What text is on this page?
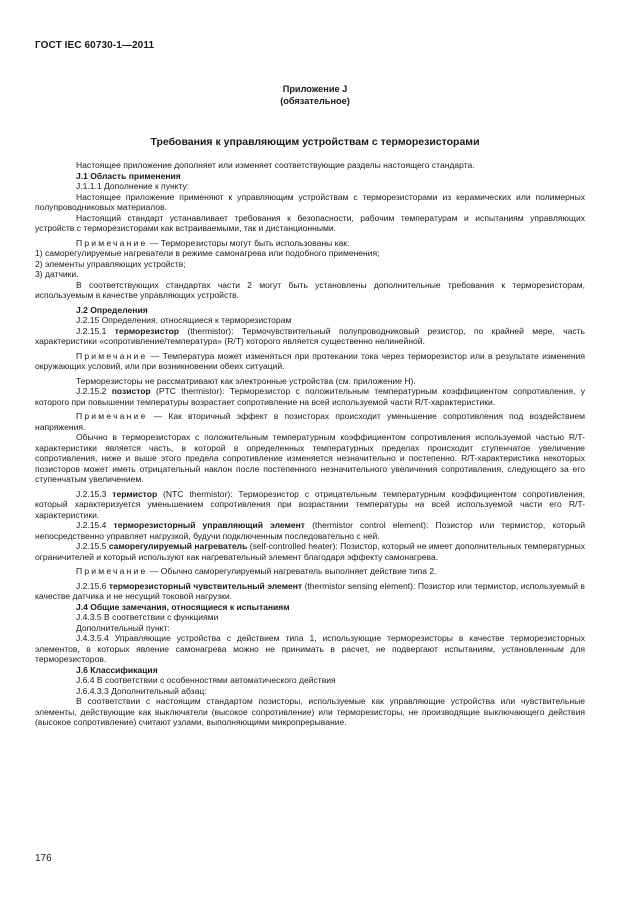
ГОСТ IEC 60730-1—2011
Приложение J
(обязательное)
Требования к управляющим устройствам с терморезисторами

Настоящее приложение дополняет или изменяет соответствующие разделы настоящего стандарта.

J.1 Область применения

J.1.1.1 Дополнение к пункту:

Настоящее приложение применяют к управляющим устройствам с терморезисторами из керамических или полимерных полупроводниковых материалов.

Настоящий стандарт устанавливает требования к безопасности, рабочим температурам и испытаниям управляющих устройств с терморезисторами как встраиваемыми, так и дистанционными.

Примечание — Терморезисторы могут быть использованы как:

1) саморегулируемые нагреватели в режиме самонагрева или подобного применения;

2) элементы управляющих устройств;

3) датчики.

В соответствующих стандартах части 2 могут быть установлены дополнительные требования к терморезисторам, используемым в качестве управляющих устройств.

J.2 Определения

J.2.15 Определения, относящиеся к терморезисторам

J.2.15.1 терморезистор (thermistor): Термочувствительный полупроводниковый резистор, по крайней мере, часть характеристики «сопротивление/температура» (R/T) которого является существенно нелинейной.

Примечание — Температура может изменяться при протекании тока через терморезистор или в результате изменения окружающих условий, или при возникновении обеих ситуаций.

Терморезисторы не рассматривают как электронные устройства (см. приложение H).

J.2.15.2 позистор (PTC thermistor): Терморезистор с положительным температурным коэффициентом сопротивления, у которого при повышении температуры возрастает сопротивление на всей используемой части R/T-характеристики.

Примечание — Как вторичный эффект в позисторах происходит уменьшение сопротивления под воздействием напряжения.

Обычно в терморезисторах с положительным температурным коэффициентом сопротивления используемой частью R/T-характеристики является часть, в которой в определенных температурных пределах происходит ступенчатое увеличение сопротивления, ниже и выше этого предела сопротивление изменяется незначительно и постепенно. R/T-характеристика некоторых позисторов может иметь отрицательный наклон после постепенного незначительного увеличения сопротивления, следующего за его ступенчатым увеличением.

J.2.15.3 термистор (NTC thermistor): Терморезистор с отрицательным температурным коэффициентом сопротивления, который характеризуется уменьшением сопротивления при возрастании температуры на всей используемой части его R/T-характеристики.

J.2.15.4 терморезисторный управляющий элемент (thermistor control element): Позистор или термистор, который непосредственно управляет нагрузкой, будучи подключенным последовательно с ней.

J.2.15.5 саморегулируемый нагреватель (self-controlled heater): Позистор, который не имеет дополнительных температурных ограничителей и который используют как нагревательный элемент благодаря эффекту самонагрева.

Примечание — Обычно саморегулируемый нагреватель выполняет действие типа 2.

J.2.15.6 терморезисторный чувствительный элемент (thermistor sensing element): Позистор или термистор, используемый в качестве датчика и не несущий токовой нагрузки.

J.4 Общие замечания, относящиеся к испытаниям

J.4.3.5 В соответствии с функциями

Дополнительный пункт:

J.4.3.5.4 Управляющие устройства с действием типа 1, использующие терморезисторы в качестве терморезисторных элементов, в которых явление самонагрева можно не принимать в расчет, не подвергают испытаниям, установленным для терморезисторов.

J.6 Классификация

J.6.4 В соответствии с особенностями автоматического действия

J.6.4.3.3 Дополнительный абзац:

В соответствии с настоящим стандартом позисторы, используемые как управляющие устройства или чувствительные элементы, действующие как выключатели (высокое сопротивление) или терморезисторы, не производящие выключающего действия (высокое сопротивление) считают узлами, выполняющими микропрерывание.

176
